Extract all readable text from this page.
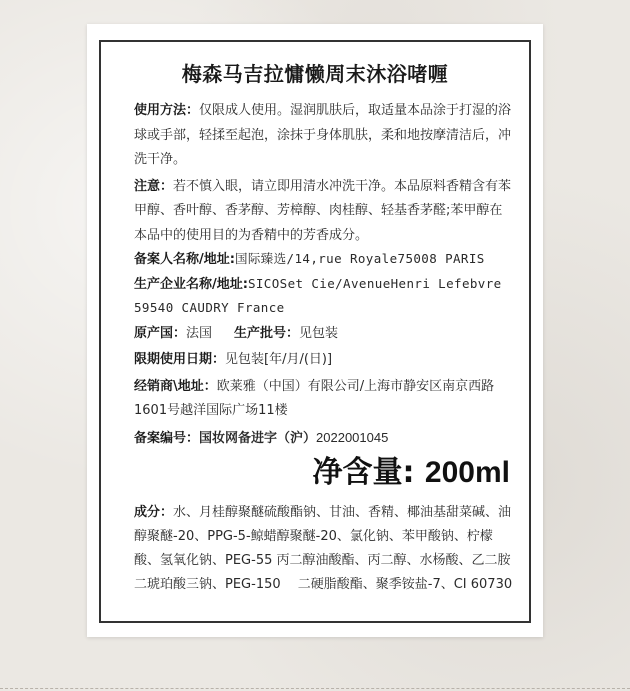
梅森马吉拉慵懒周末沐浴啫喱

使用方法：仅限成人使用。湿润肌肤后，取适量本品涂于打湿的浴球或手部，轻揉至起泡，涂抹于身体肌肤，柔和地按摩清洁后，冲洗干净。

注意：若不慎入眼，请立即用清水冲洗干净。本品原料香精含有苯甲醇、香叶醇、香茅醇、芳樟醇、肉桂醇、轻基香茅醛;苯甲醇在本品中的使用目的为香精中的芳香成分。

备案人名称/地址:国际臻选/14,rue Royale75008 PARIS

生产企业名称/地址:SICOSet Cie/AvenueHenri Lefebvre 59540 CAUDRY France

原产国：法国 生产批号：见包装

限期使用日期：见包装[年/月/(日)]

经销商\地址：欧莱雅（中国）有限公司/上海市静安区南京西路1601号越洋国际广场11楼

备案编号：国妆网备进字（沪）2022001045

净含量: 200ml

成分：水、月桂醇聚醚硫酸酯钠、甘油、香精、椰油基甜菜碱、油醇聚醚-20、PPG-5-鲸蜡醇聚醚-20、氯化钠、苯甲酸钠、柠檬酸、氢氧化钠、PEG-55 丙二醇油酸酯、丙二醇、水杨酸、乙二胺二琥珀酸三钠、PEG-150　 二硬脂酸酯、聚季铵盐-7、CI 60730
